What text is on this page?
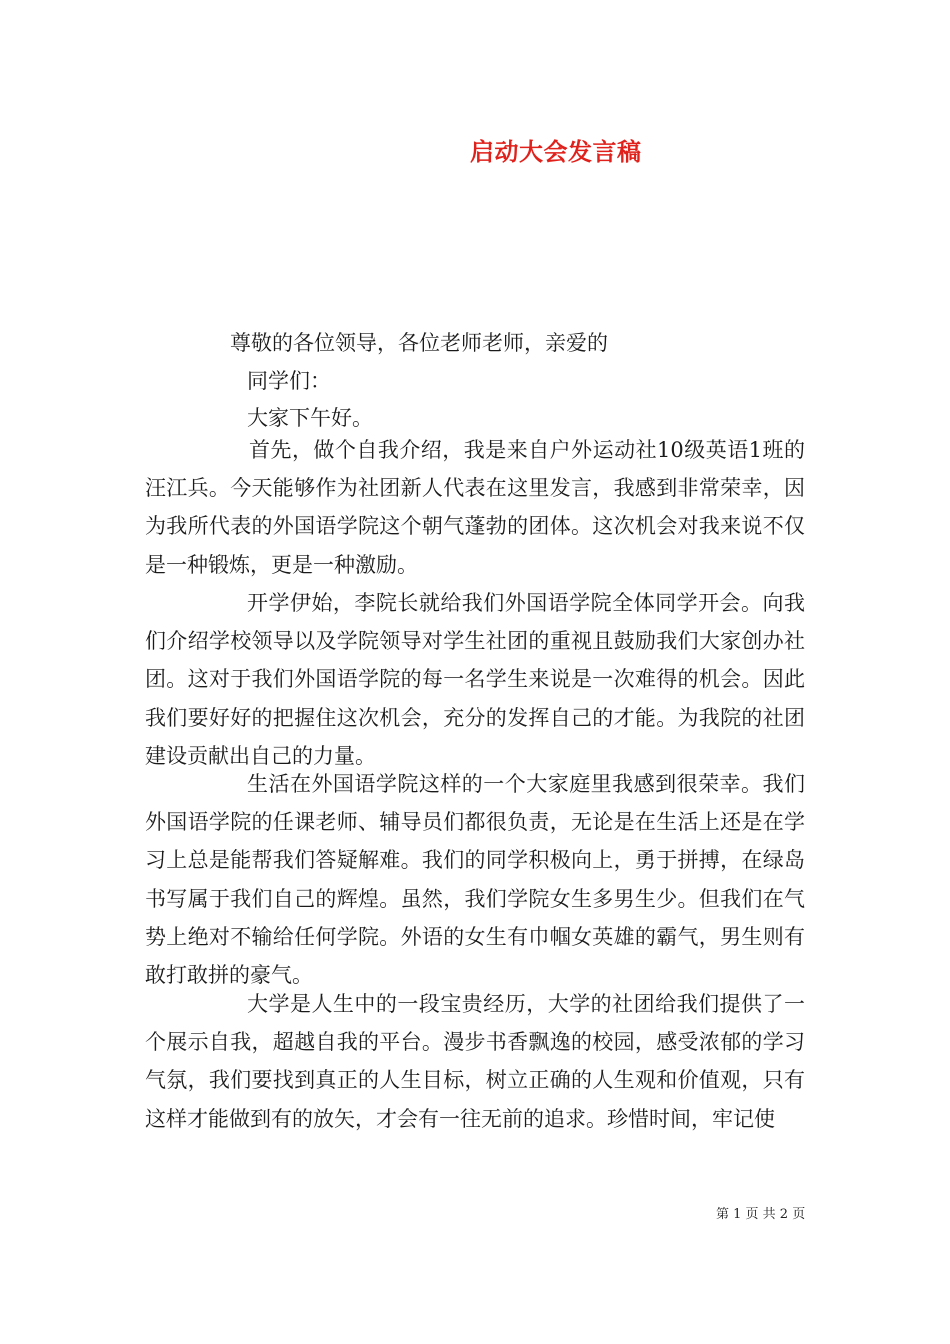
启动大会发言稿

尊敬的各位领导，各位老师老师，亲爱的

同学们：

大家下午好。

首先，做个自我介绍，我是来自户外运动社10级英语1班的汪江兵。今天能够作为社团新人代表在这里发言，我感到非常荣幸，因为我所代表的外国语学院这个朝气蓬勃的团体。这次机会对我来说不仅是一种锻炼，更是一种激励。

开学伊始，李院长就给我们外国语学院全体同学开会。向我们介绍学校领导以及学院领导对学生社团的重视且鼓励我们大家创办社团。这对于我们外国语学院的每一名学生来说是一次难得的机会。因此我们要好好的把握住这次机会，充分的发挥自己的才能。为我院的社团建设贡献出自己的力量。

生活在外国语学院这样的一个大家庭里我感到很荣幸。我们外国语学院的任课老师、辅导员们都很负责，无论是在生活上还是在学习上总是能帮我们答疑解难。我们的同学积极向上，勇于拼搏，在绿岛书写属于我们自己的辉煌。虽然，我们学院女生多男生少。但我们在气势上绝对不输给任何学院。外语的女生有巾帼女英雄的霸气，男生则有敢打敢拼的豪气。

大学是人生中的一段宝贵经历，大学的社团给我们提供了一个展示自我，超越自我的平台。漫步书香飘逸的校园，感受浓郁的学习气氛，我们要找到真正的人生目标，树立正确的人生观和价值观，只有这样才能做到有的放矢，才会有一往无前的追求。珍惜时间，牢记使

第 1 页 共 2 页
